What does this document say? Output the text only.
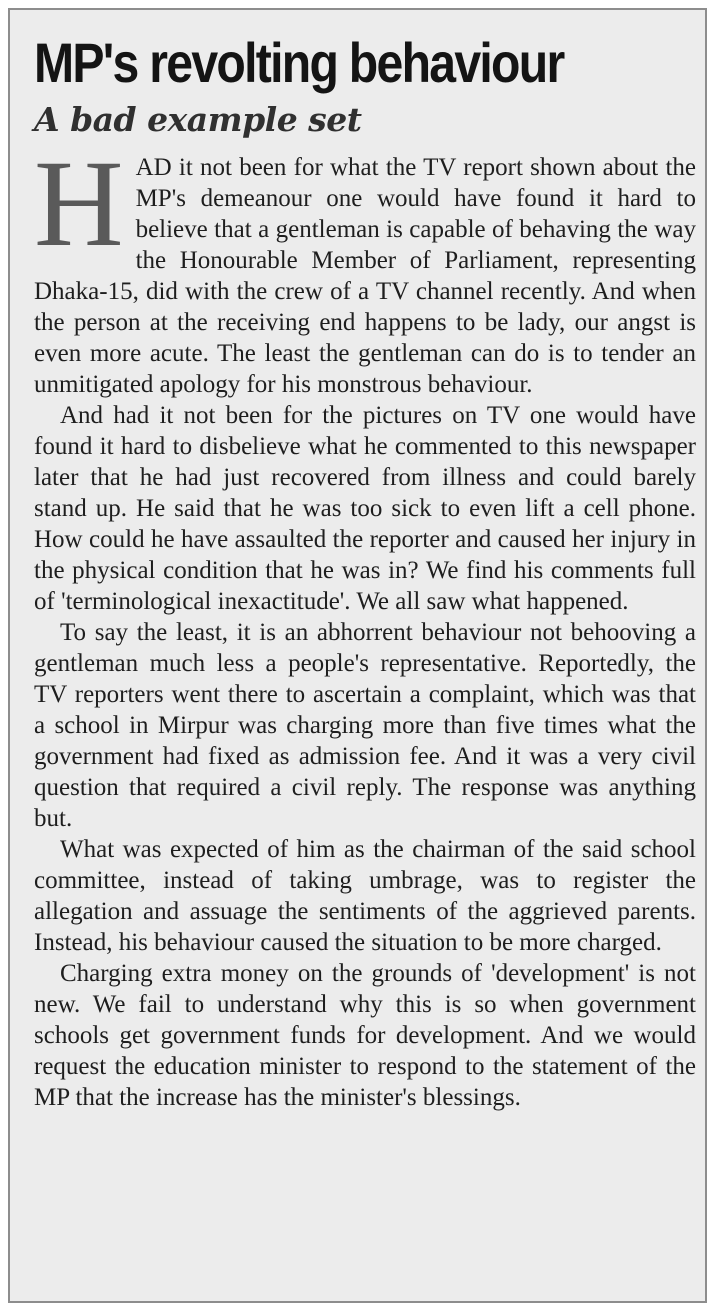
MP's revolting behaviour
A bad example set

HAD it not been for what the TV report shown about the MP's demeanour one would have found it hard to believe that a gentleman is capable of behaving the way the Honourable Member of Parliament, representing Dhaka-15, did with the crew of a TV channel recently. And when the person at the receiving end happens to be lady, our angst is even more acute. The least the gentleman can do is to tender an unmitigated apology for his monstrous behaviour.

And had it not been for the pictures on TV one would have found it hard to disbelieve what he commented to this newspaper later that he had just recovered from illness and could barely stand up. He said that he was too sick to even lift a cell phone. How could he have assaulted the reporter and caused her injury in the physical condition that he was in? We find his comments full of 'terminological inexactitude'. We all saw what happened.

To say the least, it is an abhorrent behaviour not behooving a gentleman much less a people's representative. Reportedly, the TV reporters went there to ascertain a complaint, which was that a school in Mirpur was charging more than five times what the government had fixed as admission fee. And it was a very civil question that required a civil reply. The response was anything but.

What was expected of him as the chairman of the said school committee, instead of taking umbrage, was to register the allegation and assuage the sentiments of the aggrieved parents. Instead, his behaviour caused the situation to be more charged.

Charging extra money on the grounds of 'development' is not new. We fail to understand why this is so when government schools get government funds for development. And we would request the education minister to respond to the statement of the MP that the increase has the minister's blessings.
